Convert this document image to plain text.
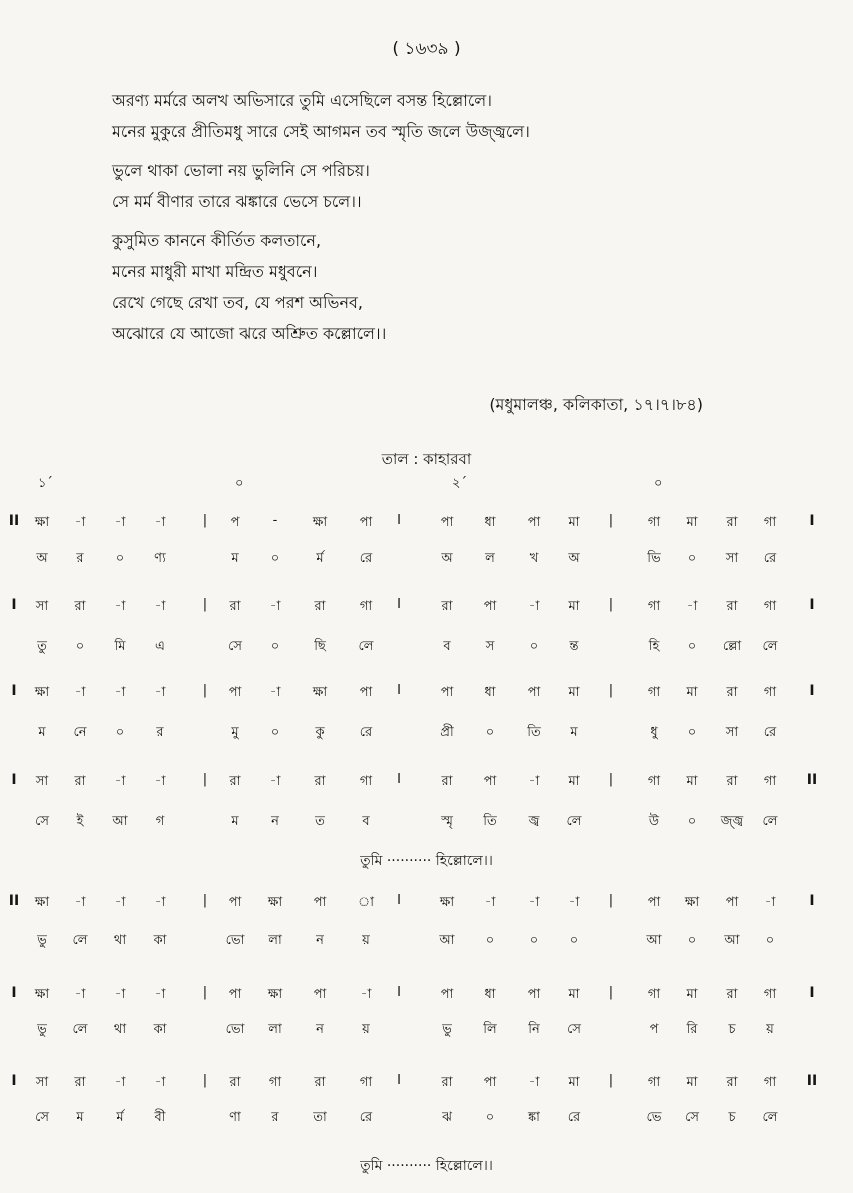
( ১৬৩৯ )
অরণ্য মর্মরে অলখ অভিসারে তুমি এসেছিলে বসন্ত হিল্লোলে।
মনের মুকুরে প্রীতিমধু সারে সেই আগমন তব স্মৃতি জলে উজ্জ্বলে।
ভুলে থাকা ভোলা নয় ভুলিনি সে পরিচয়।
সে মর্ম বীণার তারে ঝঙ্কারে ভেসে চলে।।
কুসুমিত কাননে কীর্তিত কলতানে,
মনের মাধুরী মাখা মন্দ্রিত মধুবনে।
রেখে গেছে রেখা তব, যে পরশ অভিনব,
অঝোরে যে আজো ঝরে অশ্রুিত কল্লোলে।।
(মধুমালঞ্চ, কলিকাতা, ১৭।৭।৮৪)
তাল : কাহারবা
১´	০	২´	০
II ক্ষা -া -া -া	| প	-	ক্ষা	পা I	পা ধা পা মা |	গা মা রা গা I
অ র ০ ণ্য	ম ০	র্ম	রে	অ	ল	খ অ	ভি ০ সা রে
I সা রা -া -া	| রা -া	রা	গা I	রা পা -া মা |	গা -া রা গা I
তু ০ মি এ	সে ০	ছি	লে	ব	স	০ ন্ত	হি ০ ল্লো লে
I ক্ষা -া -া -া	| পা -া ক্ষা	পা I	পা ধা পা মা |	গা মা রা গা I
ম নে ০ র	মু ০	কু	রে	প্রী ০	তি ম	ধু ০ সা রে
I সা রা -া -া	| রা -া	রা	গা I	রা পা -া মা |	গা মা রা গা II
সে ই আ গ	ম	ন	ত	ব	স্মৃ তি জ্ব লে	উ ০ জ্জ্ব লে
তুমি ·········· হিল্লোলে।।
II ক্ষা -া -া -া	| পা ক্ষা পা া I	ক্ষা -া	-া -া |	পা ক্ষা পা -া I
ভু লে থা কা	ভো লা	ন	য়	আ ০	০ ০	আ ০ আ ০
I ক্ষা -া -া -া	| পা ক্ষা পা	-া I	পা ধা পা মা |	গা মা রা গা I
ভু লে থা কা	ভো লা	ন	য়	ভু লি নি সে	প রি চ য়
I সা রা -া -া	| রা গা	রা	গা I	রা পা -া মা |	গা মা রা গা II
সে ম	র্ম বী	ণা র	তা	রে	ঝ	০	ঙ্কা রে	ভে সে চ লে
তুমি ·········· হিল্লোলে।।
